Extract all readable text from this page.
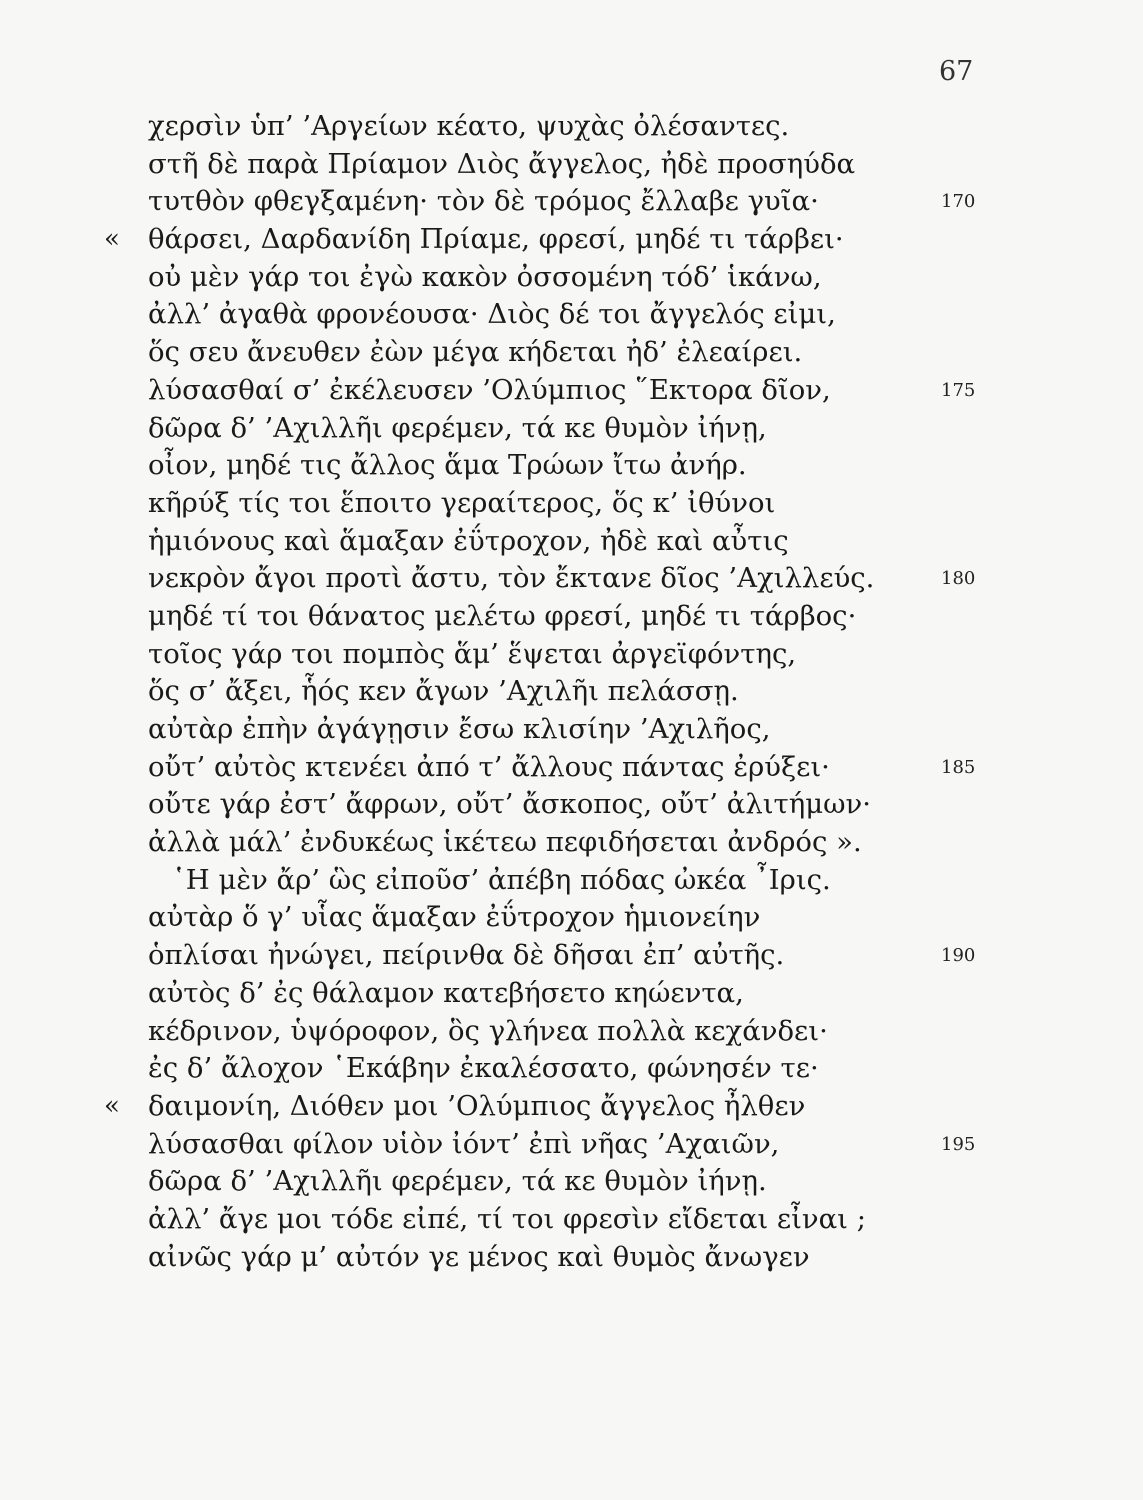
67
χερσὶν ὑπ’ ’Αργείων κέατο, ψυχὰς ὀλέσαντες.
στῆ δὲ παρὰ Πρίαμον Διὸς ἄγγελος, ἠδὲ προσηύδα
τυτθὸν φθεγξαμένη· τὸν δὲ τρόμος ἔλλαβε γυῖα·	170
« θάρσει, Δαρδανίδη Πρίαμε, φρεσί, μηδέ τι τάρβει·
οὐ μὲν γάρ τοι ἐγὼ κακὸν ὀσσομένη τόδ’ ἱκάνω,
ἀλλ’ ἀγαθὰ φρονέουσα· Διὸς δέ τοι ἄγγελός εἰμι,
ὅς σευ ἄνευθεν ἐὼν μέγα κήδεται ἠδ’ ἐλεαίρει.
λύσασθαί σ’ ἐκέλευσεν ’Ολύμπιος ῞Εκτορα δῖον,	175
δῶρα δ’ ’Αχιλλῆι φερέμεν, τά κε θυμὸν ἰήνῃ,
οἶον, μηδέ τις ἄλλος ἅμα Τρώων ἴτω ἀνήρ.
κῆρύξ τίς τοι ἕποιτο γεραίτερος, ὅς κ’ ἰθύνοι
ἡμιόνους καὶ ἅμαξαν ἐΰτροχον, ἠδὲ καὶ αὖτις
νεκρὸν ἄγοι προτὶ ἄστυ, τὸν ἔκτανε δῖος ’Αχιλλεύς.	180
μηδέ τί τοι θάνατος μελέτω φρεσί, μηδέ τι τάρβος·
τοῖος γάρ τοι πομπὸς ἅμ’ ἕψεται ἀργεϊφόντης,
ὅς σ’ ἄξει, ἧός κεν ἄγων ’Αχιλῆι πελάσσῃ.
αὐτὰρ ἐπὴν ἀγάγῃσιν ἔσω κλισίην ’Αχιλῆος,
οὔτ’ αὐτὸς κτενέει ἀπό τ’ ἄλλους πάντας ἐρύξει·	185
οὔτε γάρ ἐστ’ ἄφρων, οὔτ’ ἄσκοπος, οὔτ’ ἀλιτήμων·
ἀλλὰ μάλ’ ἐνδυκέως ἱκέτεω πεφιδήσεται ἀνδρός ».
῾Η μὲν ἄρ’ ὣς εἰποῦσ’ ἀπέβη πόδας ὠκέα ῏Ιρις.
αὐτὰρ ὅ γ’ υἷας ἅμαξαν ἐΰτροχον ἡμιονείην
ὁπλίσαι ἠνώγει, πείρινθα δὲ δῆσαι ἐπ’ αὐτῆς.	190
αὐτὸς δ’ ἐς θάλαμον κατεβήσετο κηώεντα,
κέδρινον, ὑψόροφον, ὃς γλήνεα πολλὰ κεχάνδει·
ἐς δ’ ἄλοχον ῾Εκάβην ἐκαλέσσατο, φώνησέν τε·
« δαιμονίη, Διόθεν μοι ’Ολύμπιος ἄγγελος ἦλθεν
λύσασθαι φίλον υἱὸν ἰόντ’ ἐπὶ νῆας ’Αχαιῶν,	195
δῶρα δ’ ’Αχιλλῆι φερέμεν, τά κε θυμὸν ἰήνῃ.
ἀλλ’ ἄγε μοι τόδε εἰπέ, τί τοι φρεσὶν εἴδεται εἶναι ;
αἰνῶς γάρ μ’ αὐτόν γε μένος καὶ θυμὸς ἄνωγεν
